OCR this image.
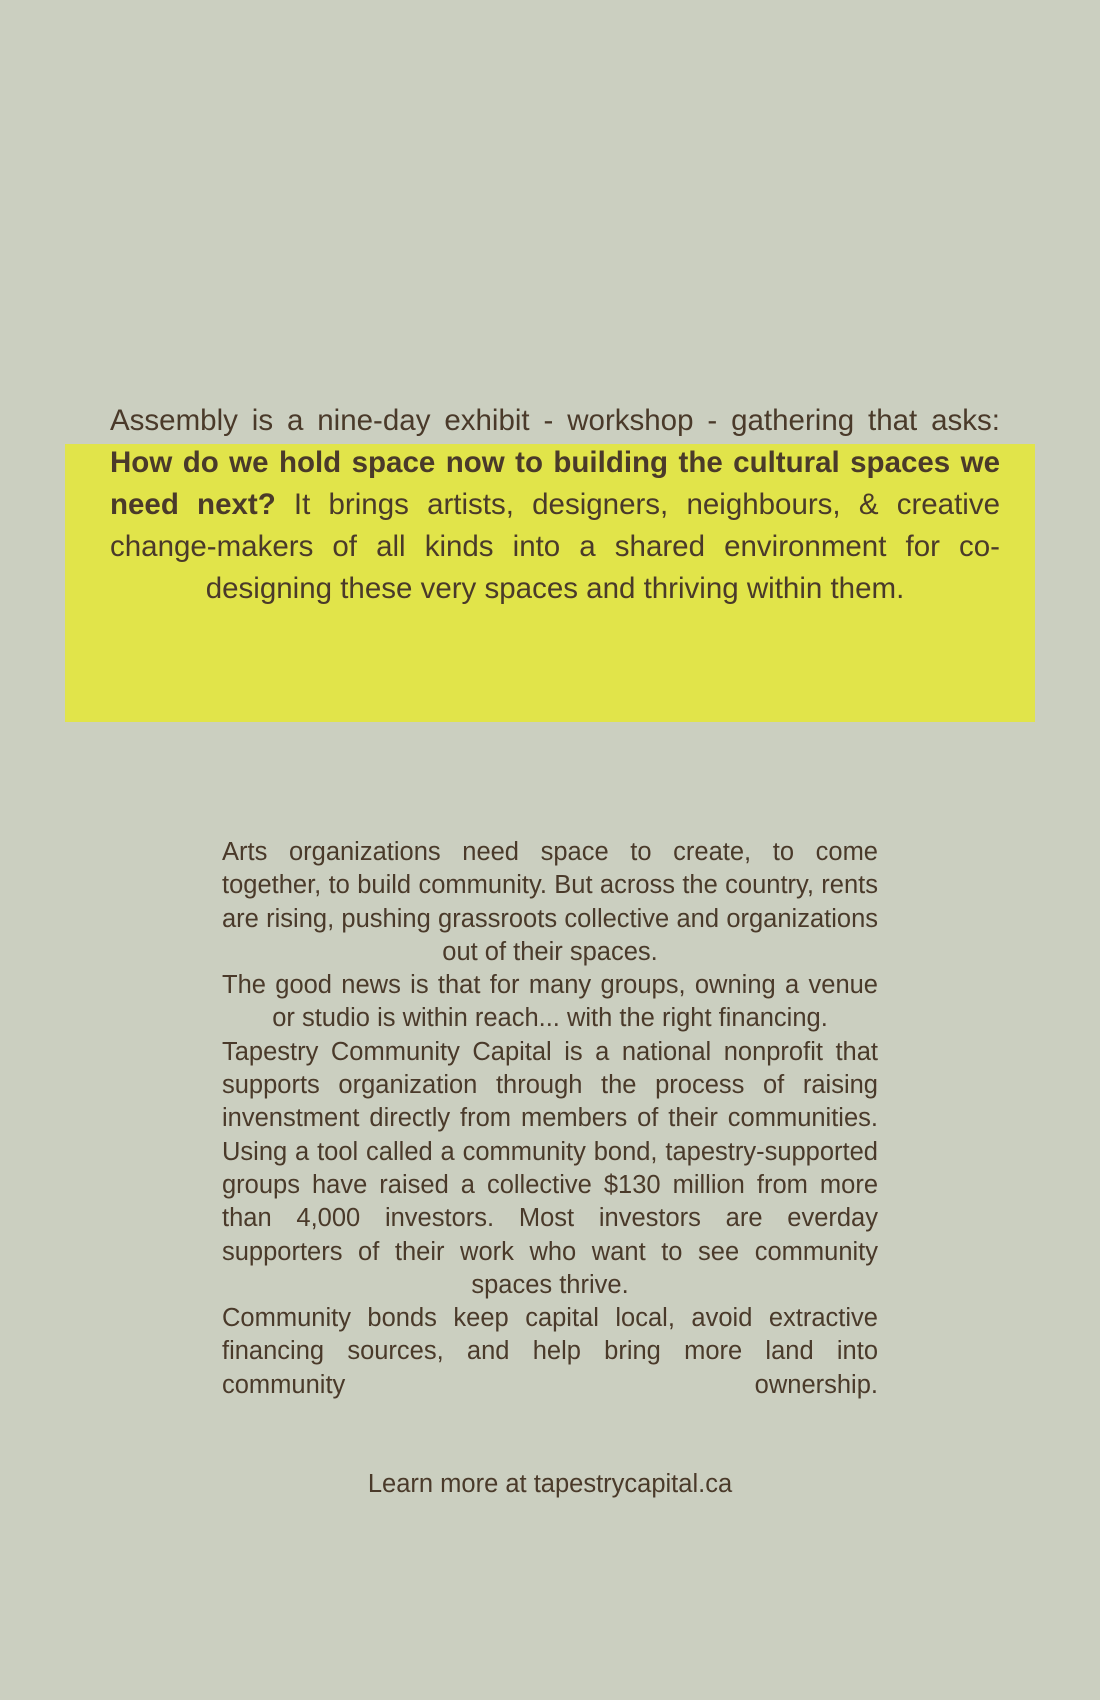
Assembly is a nine-day exhibit - workshop - gathering that asks:
How do we hold space now to building the cultural spaces we need next? It brings artists, designers, neighbours, & creative change-makers of all kinds into a shared environment for co-designing these very spaces and thriving within them.

Arts organizations need space to create, to come together, to build community. But across the country, rents are rising, pushing grassroots collective and organizations out of their spaces.

The good news is that for many groups, owning a venue or studio is within reach... with the right financing.

Tapestry Community Capital is a national nonprofit that supports organization through the process of raising invenstment directly from members of their communities. Using a tool called a community bond, tapestry-supported groups have raised a collective $130 million from more than 4,000 investors. Most investors are everday supporters of their work who want to see community spaces thrive.

Community bonds keep capital local, avoid extractive financing sources, and help bring more land into community ownership.

Learn more at tapestrycapital.ca
